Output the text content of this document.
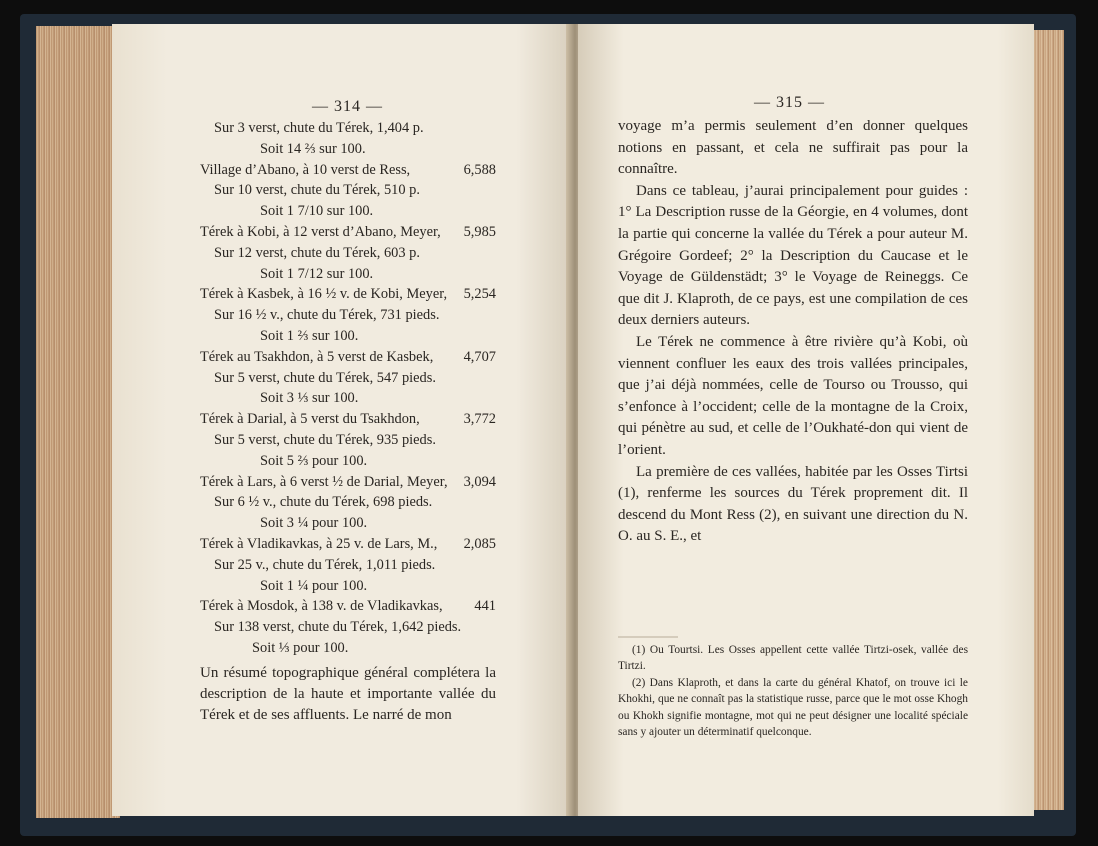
— 314 —
Sur 3 verst, chute du Térek, 1,404 p.
Soit 14 ⅔ sur 100.
Village d’Abano, à 10 verst de Ress,	6,588
Sur 10 verst, chute du Térek, 510 p.
Soit 1 7/10 sur 100.
Térek à Kobi, à 12 verst d’Abano, Meyer, 5,985
Sur 12 verst, chute du Térek, 603 p.
Soit 1 7/12 sur 100.
Térek à Kasbek, à 16 ½ v. de Kobi, Meyer, 5,254
Sur 16 ½ v., chute du Térek, 731 pieds.
Soit 1 ⅔ sur 100.
Térek au Tsakhdon, à 5 verst de Kasbek, 4,707
Sur 5 verst, chute du Térek, 547 pieds.
Soit 3 ⅓ sur 100.
Térek à Darial, à 5 verst du Tsakhdon,	3,772
Sur 5 verst, chute du Térek, 935 pieds.
Soit 5 ⅔ pour 100.
Térek à Lars, à 6 verst ½ de Darial, Meyer, 3,094
Sur 6 ½ v., chute du Térek, 698 pieds.
Soit 3 ¼ pour 100.
Térek à Vladikavkas, à 25 v. de Lars, M., 2,085
Sur 25 v., chute du Térek, 1,011 pieds.
Soit 1 ¼ pour 100.
Térek à Mosdok, à 138 v. de Vladikavkas, 441
Sur 138 verst, chute du Térek, 1,642 pieds.
Soit ⅓ pour 100.
Un résumé topographique général complétera la description de la haute et importante vallée du Térek et de ses affluents. Le narré de mon
— 315 —

voyage m’a permis seulement d’en donner quelques notions en passant, et cela ne suffirait pas pour la connaître.

Dans ce tableau, j’aurai principalement pour guides : 1° La Description russe de la Géorgie, en 4 volumes, dont la partie qui concerne la vallée du Térek a pour auteur M. Grégoire Gordeef; 2° la Description du Caucase et le Voyage de Güldenstädt; 3° le Voyage de Reineggs. Ce que dit J. Klaproth, de ce pays, est une compilation de ces deux derniers auteurs.

Le Térek ne commence à être rivière qu’à Kobi, où viennent confluer les eaux des trois vallées principales, que j’ai déjà nommées, celle de Tourso ou Trousso, qui s’enfonce à l’occident; celle de la montagne de la Croix, qui pénètre au sud, et celle de l’Oukhaté-don qui vient de l’orient.

La première de ces vallées, habitée par les Osses Tirtsi (1), renferme les sources du Térek proprement dit. Il descend du Mont Ress (2), en suivant une direction du N. O. au S. E., et

(1) Ou Tourtsi. Les Osses appellent cette vallée Tirtzi-osek, vallée des Tirtzi.

(2) Dans Klaproth, et dans la carte du général Khatof, on trouve ici le Khokhi, que ne connaît pas la statistique russe, parce que le mot osse Khogh ou Khokh signifie montagne, mot qui ne peut désigner une localité spéciale sans y ajouter un déterminatif quelconque.
